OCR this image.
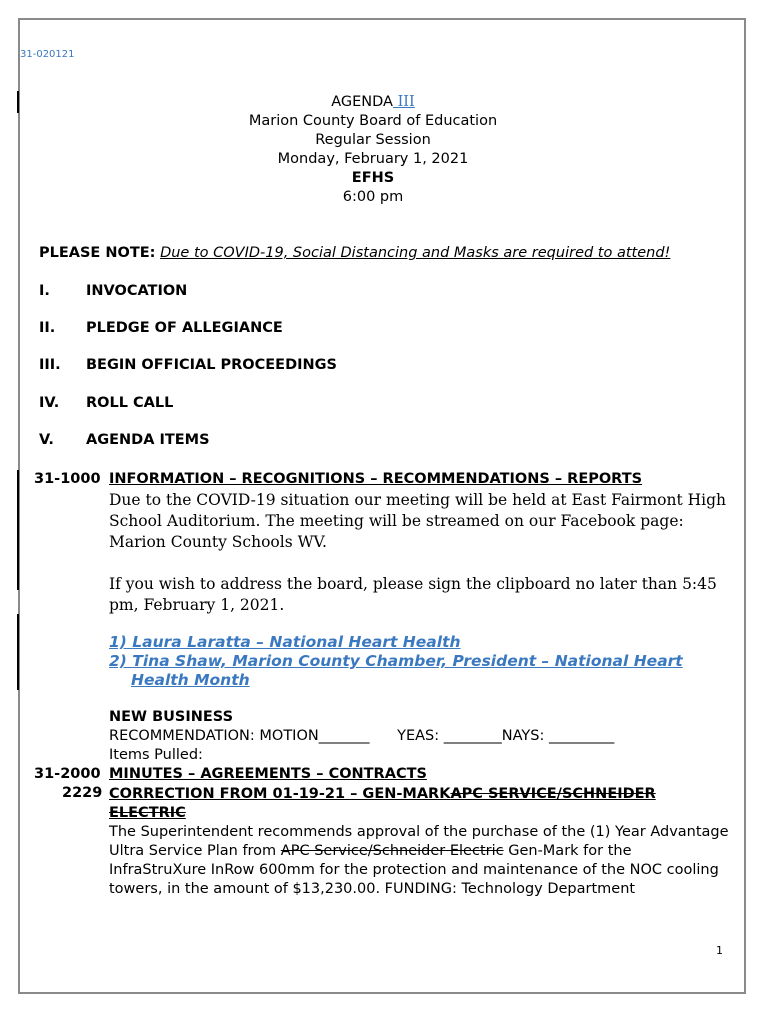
31-020121
AGENDA III
Marion County Board of Education
Regular Session
Monday, February 1, 2021
EFHS
6:00 pm
PLEASE NOTE: Due to COVID-19, Social Distancing and Masks are required to attend!
I. INVOCATION
II. PLEDGE OF ALLEGIANCE
III. BEGIN OFFICIAL PROCEEDINGS
IV. ROLL CALL
V. AGENDA ITEMS
31-1000 INFORMATION – RECOGNITIONS – RECOMMENDATIONS – REPORTS
Due to the COVID-19 situation our meeting will be held at East Fairmont High School Auditorium. The meeting will be streamed on our Facebook page: Marion County Schools WV.
If you wish to address the board, please sign the clipboard no later than 5:45 pm, February 1, 2021.
1) Laura Laratta – National Heart Health
2) Tina Shaw, Marion County Chamber, President – National Heart Health Month
NEW BUSINESS
RECOMMENDATION: MOTION_______      YEAS: ________NAYS: _________
Items Pulled:
31-2000 MINUTES – AGREEMENTS – CONTRACTS
2229 CORRECTION FROM 01-19-21 – GEN-MARKAPC SERVICE/SCHNEIDER ELECTRIC
The Superintendent recommends approval of the purchase of the (1) Year Advantage Ultra Service Plan from APC Service/Schneider Electric Gen-Mark for the InfraStruXure InRow 600mm for the protection and maintenance of the NOC cooling towers, in the amount of $13,230.00. FUNDING: Technology Department
1
